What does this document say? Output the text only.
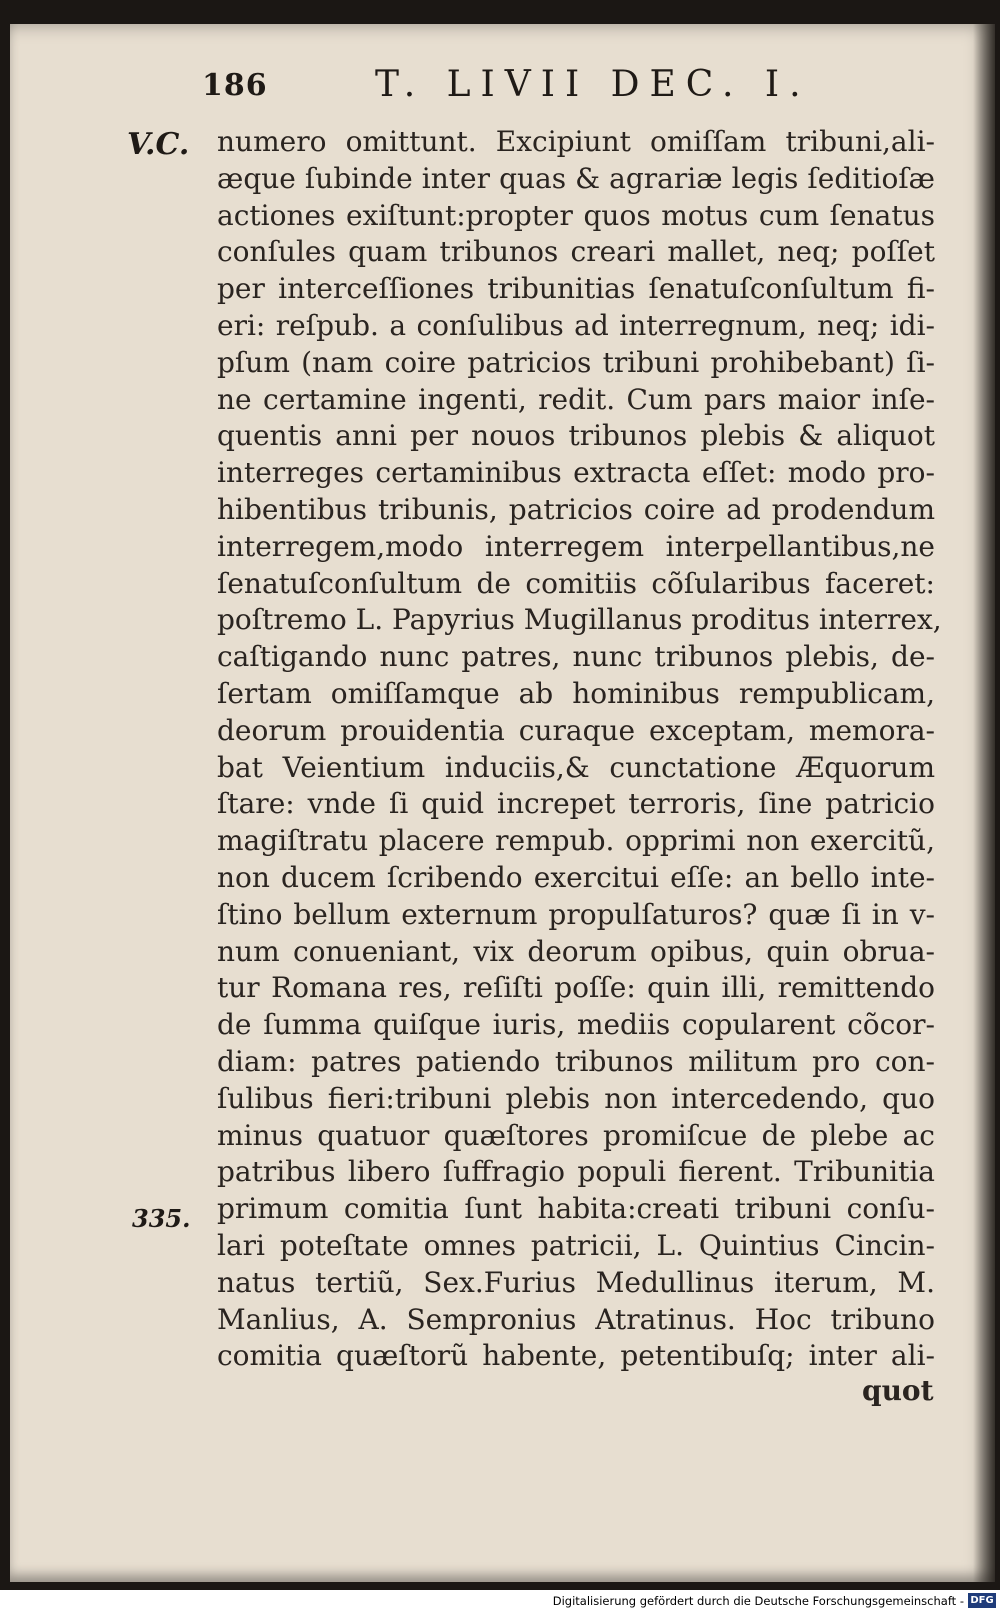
186	T. LIVII DEC. I.
V.C.
335.
numero omittunt. Excipiunt omiſſam tribuni,ali-
æque ſubinde inter quas & agrariæ legis ſeditioſæ
actiones exiſtunt:propter quos motus cum ſenatus
conſules quam tribunos creari mallet, neq; poſſet
per interceſſiones tribunitias ſenatuſconſultum fi-
eri: reſpub. a conſulibus ad interregnum, neq; idi-
pſum (nam coire patricios tribuni prohibebant) ſi-
ne certamine ingenti, redit. Cum pars maior inſe-
quentis anni per nouos tribunos plebis & aliquot
interreges certaminibus extracta eſſet: modo pro-
hibentibus tribunis, patricios coire ad prodendum
interregem,modo interregem interpellantibus,ne
ſenatuſconſultum de comitiis cõſularibus faceret:
poſtremo L. Papyrius Mugillanus proditus interrex,
caſtigando nunc patres, nunc tribunos plebis, de-
ſertam omiſſamque ab hominibus rempublicam,
deorum prouidentia curaque exceptam, memora-
bat Veientium induciis,& cunctatione Æquorum
ſtare: vnde ſi quid increpet terroris, ſine patricio
magiſtratu placere rempub. opprimi non exercitũ,
non ducem ſcribendo exercitui eſſe: an bello inte-
ſtino bellum externum propulſaturos? quæ ſi in v-
num conueniant, vix deorum opibus, quin obrua-
tur Romana res, reſiſti poſſe: quin illi, remittendo
de ſumma quiſque iuris, mediis copularent cõcor-
diam: patres patiendo tribunos militum pro con-
ſulibus fieri:tribuni plebis non intercedendo, quo
minus quatuor quæſtores promiſcue de plebe ac
patribus libero ſuffragio populi fierent. Tribunitia
primum comitia ſunt habita:creati tribuni conſu-
lari poteſtate omnes patricii, L. Quintius Cincin-
natus tertiũ, Sex.Furius Medullinus iterum, M.
Manlius, A. Sempronius Atratinus. Hoc tribuno
comitia quæſtorũ habente, petentibuſq; inter ali-
quot
Digitalisierung gefördert durch die Deutsche Forschungsgemeinschaft - DFG
